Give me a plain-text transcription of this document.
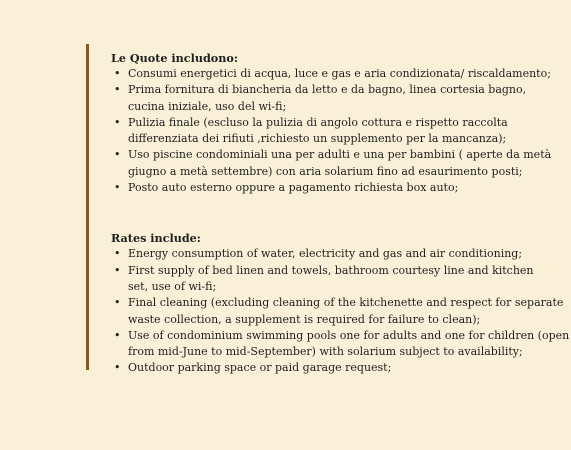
Le Quote includono:
• Consumi energetici di acqua, luce e gas e aria condizionata/ riscaldamento;
• Prima fornitura di biancheria da letto e da bagno, linea cortesia bagno,
cucina iniziale, uso del wi-fi;
• Pulizia finale (escluso la pulizia di angolo cottura e rispetto raccolta
differenziata dei rifiuti ,richiesto un supplemento per la mancanza);
• Uso piscine condominiali una per adulti e una per bambini ( aperte da metà
giugno a metà settembre) con aria solarium fino ad esaurimento posti;
• Posto auto esterno oppure a pagamento richiesta box auto;
Rates include:
• Energy consumption of water, electricity and gas and air conditioning;
• First supply of bed linen and towels, bathroom courtesy line and kitchen
set, use of wi-fi;
• Final cleaning (excluding cleaning of the kitchenette and respect for separate
waste collection, a supplement is required for failure to clean);
• Use of condominium swimming pools one for adults and one for children (open
from mid-June to mid-September) with solarium subject to availability;
• Outdoor parking space or paid garage request;
